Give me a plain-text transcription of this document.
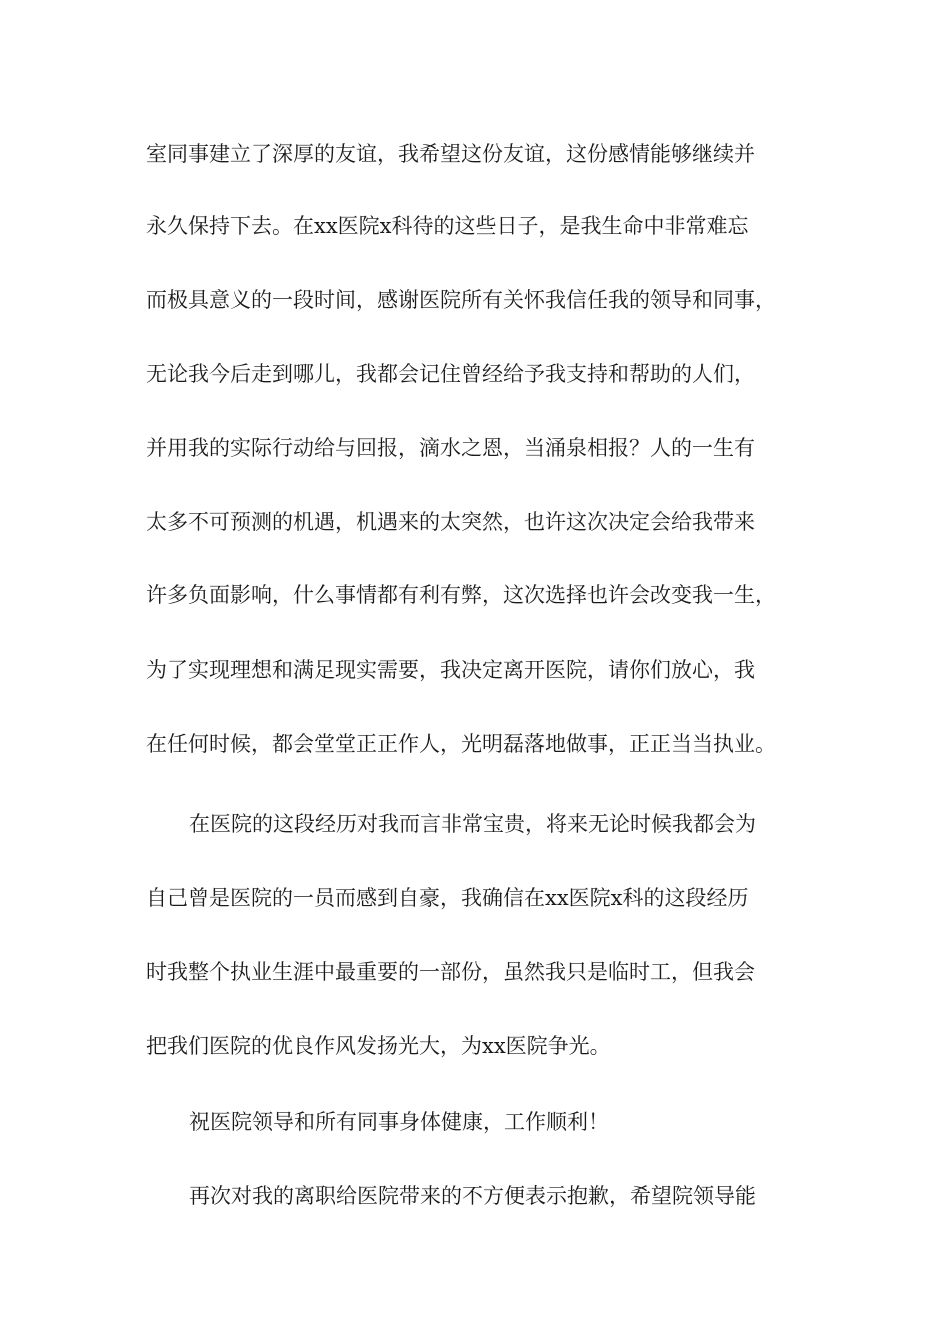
室同事建立了深厚的友谊，我希望这份友谊，这份感情能够继续并
永久保持下去。在xx医院x科待的这些日子，是我生命中非常难忘
而极具意义的一段时间，感谢医院所有关怀我信任我的领导和同事，
无论我今后走到哪儿，我都会记住曾经给予我支持和帮助的人们，
并用我的实际行动给与回报，滴水之恩，当涌泉相报？人的一生有
太多不可预测的机遇，机遇来的太突然，也许这次决定会给我带来
许多负面影响，什么事情都有利有弊，这次选择也许会改变我一生，
为了实现理想和满足现实需要，我决定离开医院，请你们放心，我
在任何时候，都会堂堂正正作人，光明磊落地做事，正正当当执业。
在医院的这段经历对我而言非常宝贵，将来无论时候我都会为
自己曾是医院的一员而感到自豪，我确信在xx医院x科的这段经历
时我整个执业生涯中最重要的一部份，虽然我只是临时工，但我会
把我们医院的优良作风发扬光大，为xx医院争光。
祝医院领导和所有同事身体健康，工作顺利！
再次对我的离职给医院带来的不方便表示抱歉，希望院领导能
